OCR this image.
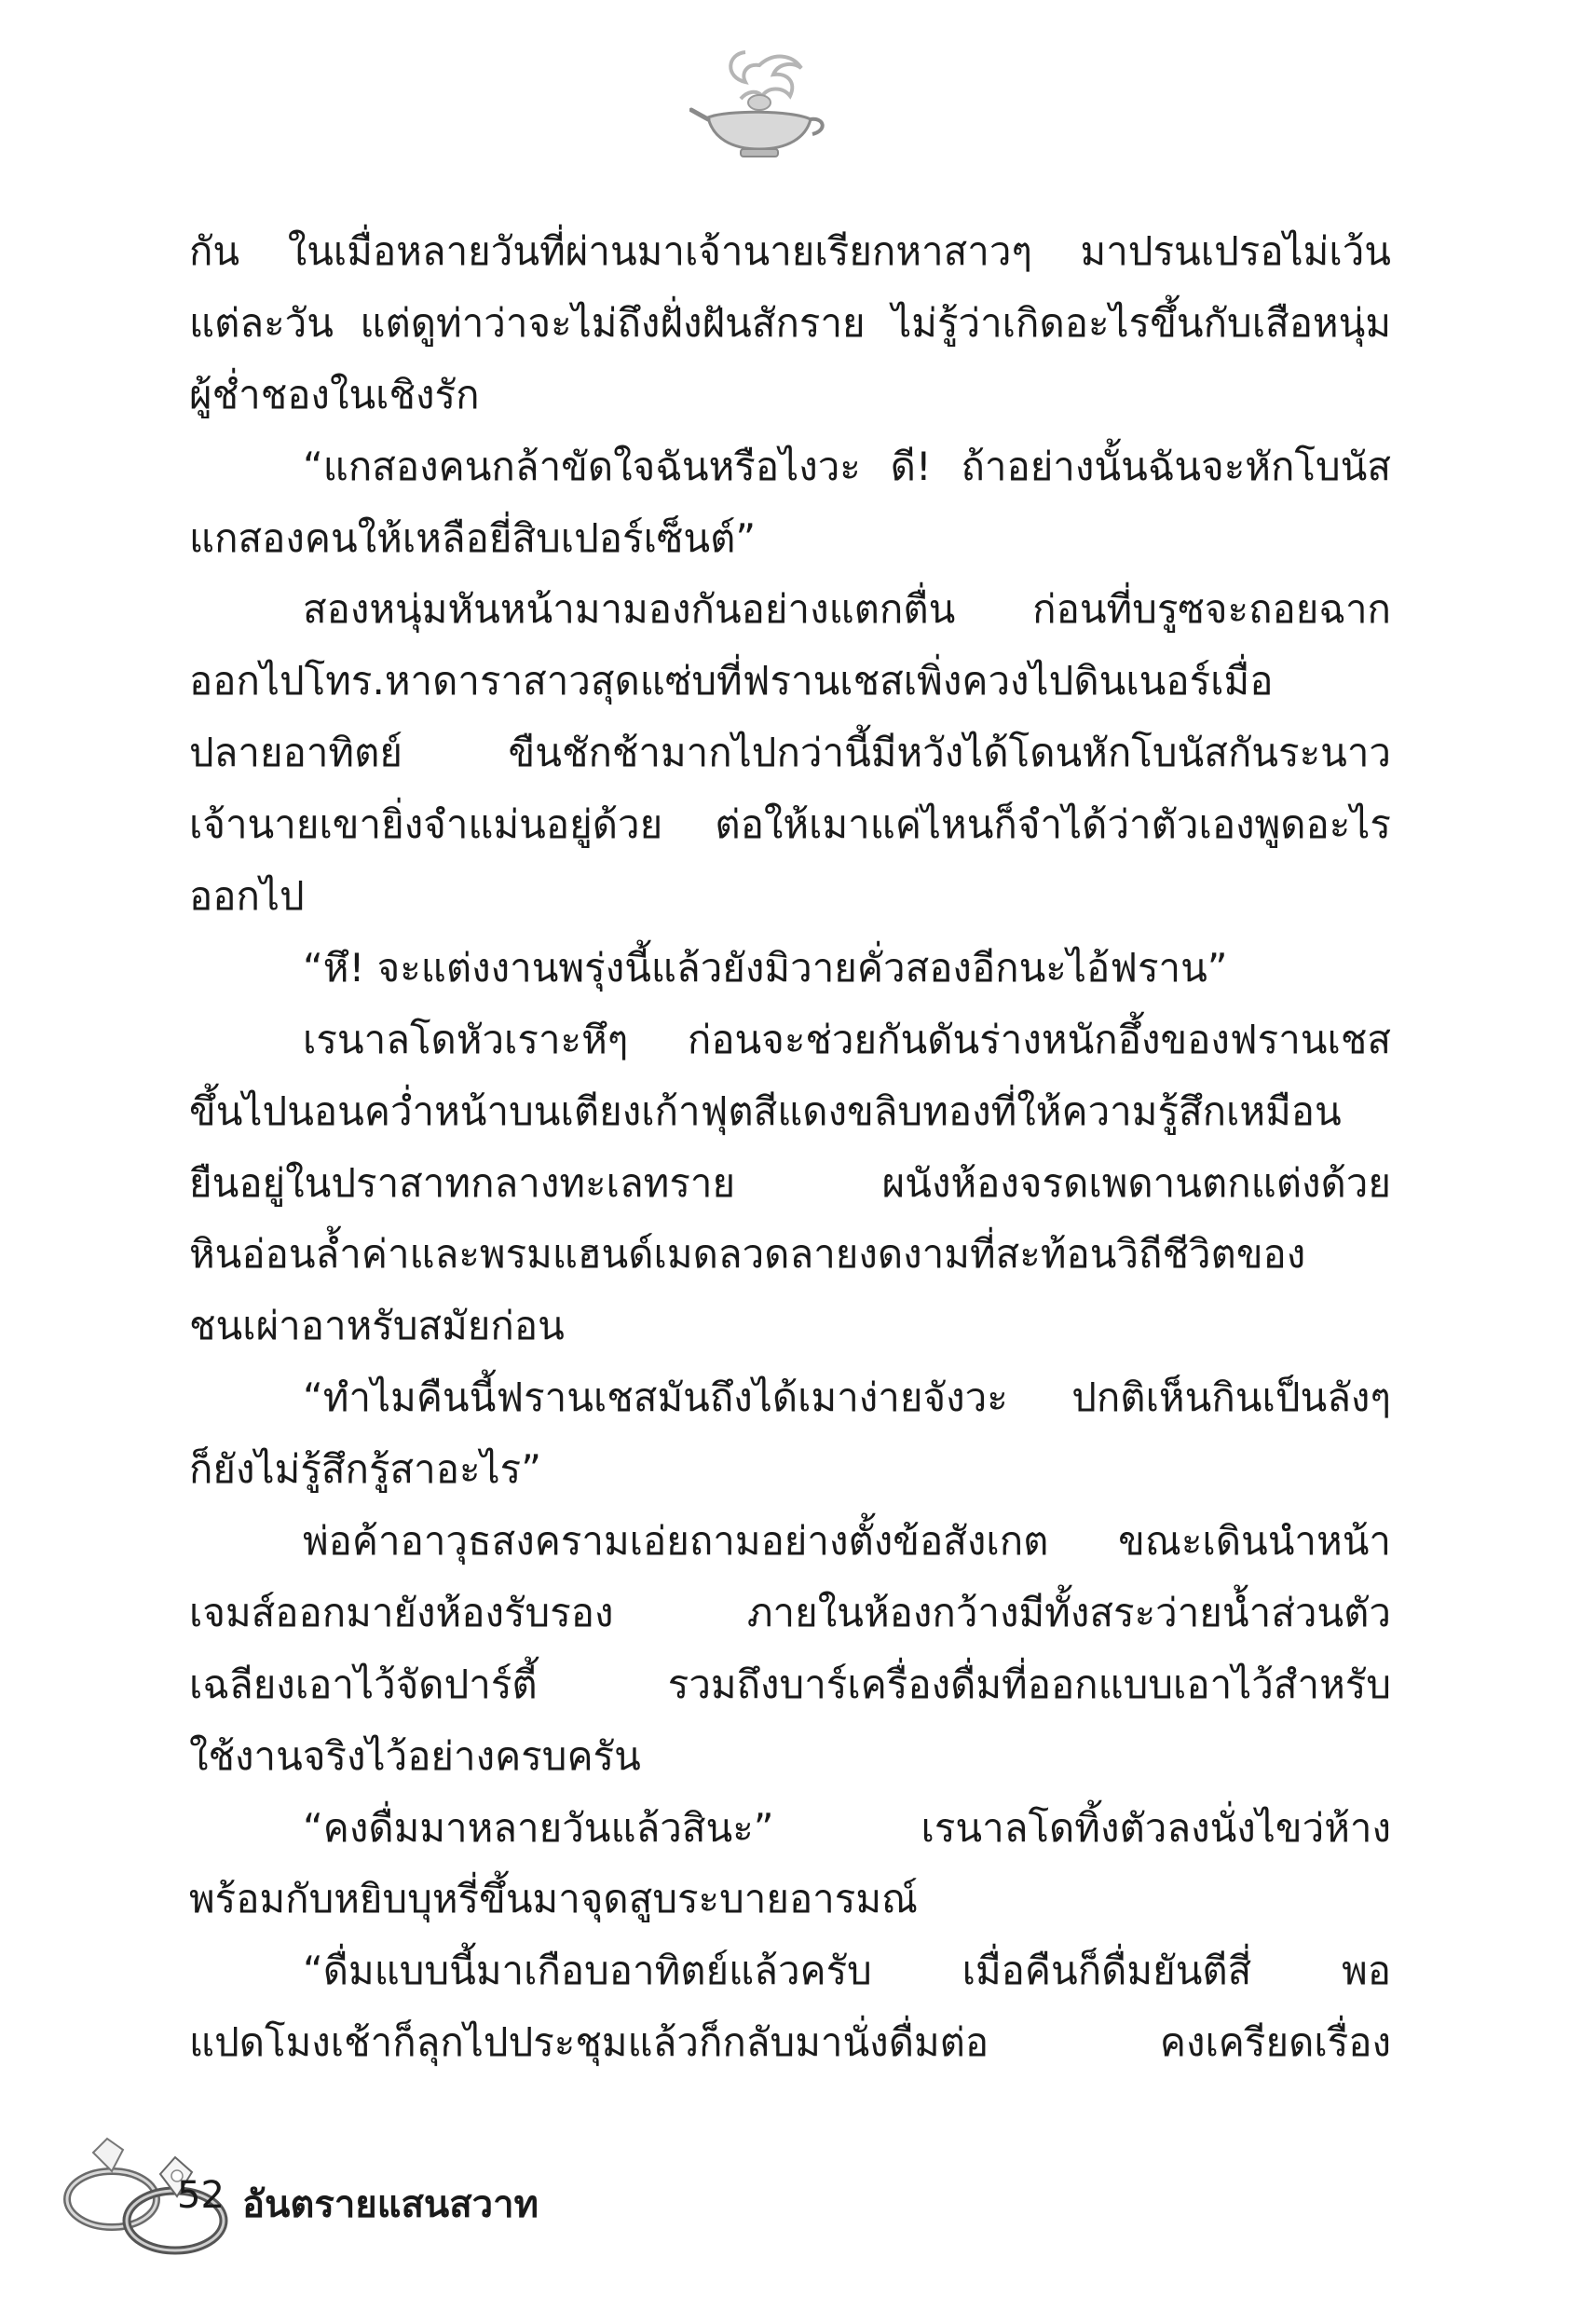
กัน ในเมื่อหลายวันที่ผ่านมาเจ้านายเรียกหาสาวๆ มาปรนเปรอไม่เว้น
แต่ละวัน แต่ดูท่าว่าจะไม่ถึงฝั่งฝันสักราย ไม่รู้ว่าเกิดอะไรขึ้นกับเสือหนุ่ม
ผู้ช่ำชองในเชิงรัก
“แกสองคนกล้าขัดใจฉันหรือไงวะ ดี! ถ้าอย่างนั้นฉันจะหักโบนัส
แกสองคนให้เหลือยี่สิบเปอร์เซ็นต์”
สองหนุ่มหันหน้ามามองกันอย่างแตกตื่น ก่อนที่บรูซจะถอยฉาก
ออกไปโทร.หาดาราสาวสุดแซ่บที่ฟรานเชสเพิ่งควงไปดินเนอร์เมื่อ
ปลายอาทิตย์ ขืนชักช้ามากไปกว่านี้มีหวังได้โดนหักโบนัสกันระนาว
เจ้านายเขายิ่งจำแม่นอยู่ด้วย ต่อให้เมาแค่ไหนก็จำได้ว่าตัวเองพูดอะไร
ออกไป
“หึ! จะแต่งงานพรุ่งนี้แล้วยังมิวายคั่วสองอีกนะไอ้ฟราน”
เรนาลโดหัวเราะหึๆ ก่อนจะช่วยกันดันร่างหนักอึ้งของฟรานเชส
ขึ้นไปนอนคว่ำหน้าบนเตียงเก้าฟุตสีแดงขลิบทองที่ให้ความรู้สึกเหมือน
ยืนอยู่ในปราสาทกลางทะเลทราย ผนังห้องจรดเพดานตกแต่งด้วย
หินอ่อนล้ำค่าและพรมแฮนด์เมดลวดลายงดงามที่สะท้อนวิถีชีวิตของ
ชนเผ่าอาหรับสมัยก่อน
“ทำไมคืนนี้ฟรานเชสมันถึงได้เมาง่ายจังวะ ปกติเห็นกินเป็นลังๆ
ก็ยังไม่รู้สึกรู้สาอะไร”
พ่อค้าอาวุธสงครามเอ่ยถามอย่างตั้งข้อสังเกต ขณะเดินนำหน้า
เจมส์ออกมายังห้องรับรอง ภายในห้องกว้างมีทั้งสระว่ายน้ำส่วนตัว
เฉลียงเอาไว้จัดปาร์ตี้ รวมถึงบาร์เครื่องดื่มที่ออกแบบเอาไว้สำหรับ
ใช้งานจริงไว้อย่างครบครัน
“คงดื่มมาหลายวันแล้วสินะ” เรนาลโดทิ้งตัวลงนั่งไขว่ห้าง
พร้อมกับหยิบบุหรี่ขึ้นมาจุดสูบระบายอารมณ์
“ดื่มแบบนี้มาเกือบอาทิตย์แล้วครับ เมื่อคืนก็ดื่มยันตีสี่ พอ
แปดโมงเช้าก็ลุกไปประชุมแล้วก็กลับมานั่งดื่มต่อ คงเครียดเรื่อง
52 อันตรายแสนสวาท
